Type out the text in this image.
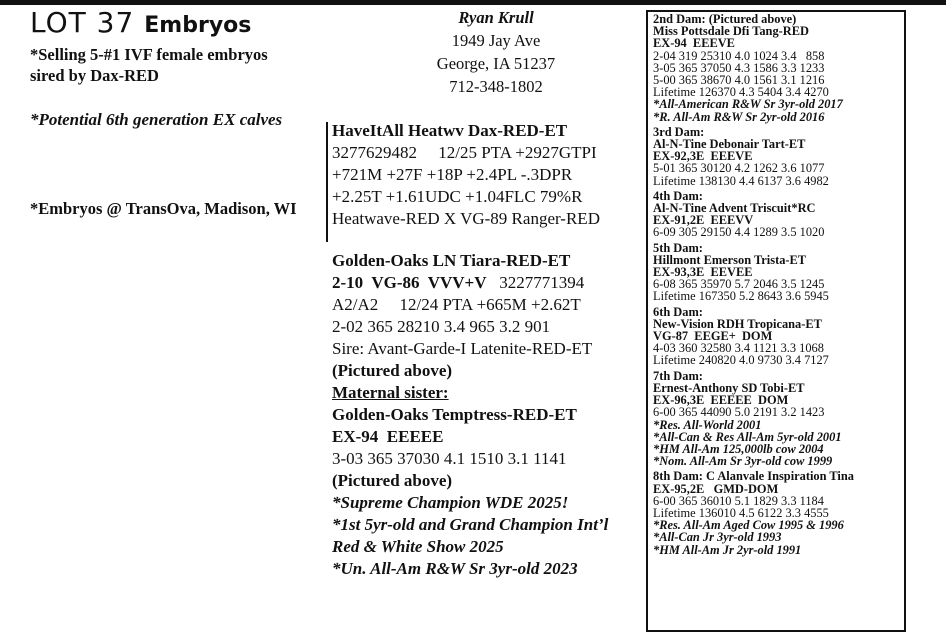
LOT 37 Embryos
*Selling 5-#1 IVF female embryos
sired by Dax-RED
*Potential 6th generation EX calves
*Embryos @ TransOva, Madison, WI
Ryan Krull
1949 Jay Ave
George, IA 51237
712-348-1802
HaveItAll Heatwv Dax-RED-ET
3277629482     12/25 PTA +2927GTPI
+721M +27F +18P +2.4PL -.3DPR
+2.25T +1.61UDC +1.04FLC 79%R
Heatwave-RED X VG-89 Ranger-RED
Golden-Oaks LN Tiara-RED-ET
2-10  VG-86  VVV+V 3227771394
A2/A2     12/24 PTA +665M +2.62T
2-02 365 28210 3.4 965 3.2 901
Sire: Avant-Garde-I Latenite-RED-ET
(Pictured above)
Maternal sister:
Golden-Oaks Temptress-RED-ET
EX-94  EEEEE
3-03 365 37030 4.1 1510 3.1 1141
(Pictured above)
*Supreme Champion WDE 2025!
*1st 5yr-old and Grand Champion Int’l
Red & White Show 2025
*Un. All-Am R&W Sr 3yr-old 2023
2nd Dam: (Pictured above)
Miss Pottsdale Dfi Tang-RED
EX-94  EEEVE
2-04 319 25310 4.0 1024 3.4   858
3-05 365 37050 4.3 1586 3.3 1233
5-00 365 38670 4.0 1561 3.1 1216
Lifetime 126370 4.3 5404 3.4 4270
*All-American R&W Sr 3yr-old 2017
*R. All-Am R&W Sr 2yr-old 2016
3rd Dam:
Al-N-Tine Debonair Tart-ET
EX-92,3E  EEEVE
5-01 365 30120 4.2 1262 3.6 1077
Lifetime 138130 4.4 6137 3.6 4982
4th Dam:
Al-N-Tine Advent Triscuit*RC
EX-91,2E  EEEVV
6-09 305 29150 4.4 1289 3.5 1020
5th Dam:
Hillmont Emerson Trista-ET
EX-93,3E  EEVEE
6-08 365 35970 5.7 2046 3.5 1245
Lifetime 167350 5.2 8643 3.6 5945
6th Dam:
New-Vision RDH Tropicana-ET
VG-87  EEGE+  DOM
4-03 360 32580 3.4 1121 3.3 1068
Lifetime 240820 4.0 9730 3.4 7127
7th Dam:
Ernest-Anthony SD Tobi-ET
EX-96,3E  EEEEE  DOM
6-00 365 44090 5.0 2191 3.2 1423
*Res. All-World 2001
*All-Can & Res All-Am 5yr-old 2001
*HM All-Am 125,000lb cow 2004
*Nom. All-Am Sr 3yr-old cow 1999
8th Dam: C Alanvale Inspiration Tina
EX-95,2E   GMD-DOM
6-00 365 36010 5.1 1829 3.3 1184
Lifetime 136010 4.5 6122 3.3 4555
*Res. All-Am Aged Cow 1995 & 1996
*All-Can Jr 3yr-old 1993
*HM All-Am Jr 2yr-old 1991
